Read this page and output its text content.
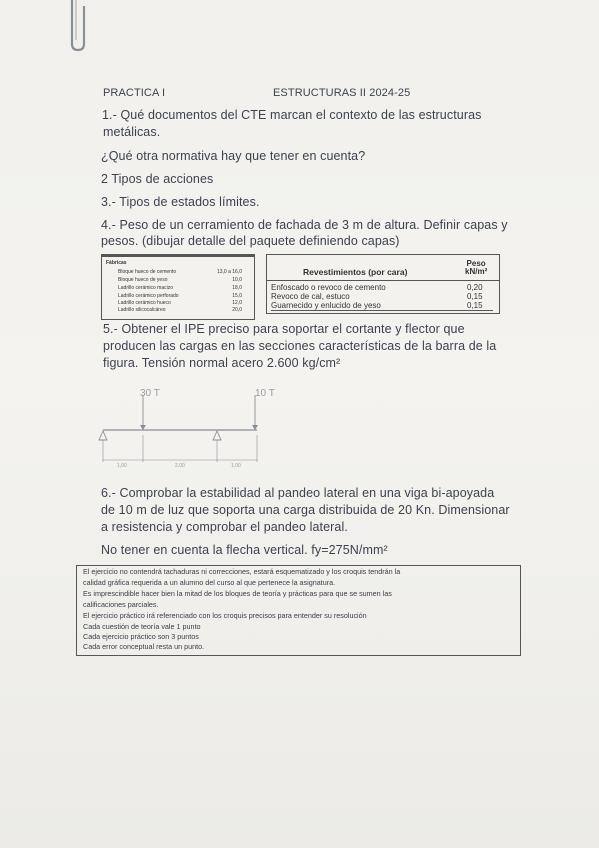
PRACTICA I	ESTRUCTURAS II 2024-25
1.- Qué documentos del CTE marcan el contexto de las estructuras
metálicas.
¿Qué otra normativa hay que tener en cuenta?
2 Tipos de acciones
3.- Tipos de estados límites.
4.- Peso de un cerramiento de fachada de 3 m de altura. Definir capas y
pesos. (dibujar detalle del paquete definiendo capas)
Fábricas
Bloque hueco de cemento	13,0 a 16,0
Bloque hueco de yeso	10,0
Ladrillo cerámico macizo	18,0
Ladrillo cerámico perforado	15,0
Ladrillo cerámico hueco	12,0
Ladrillo silicocalcáreo	20,0
Revestimientos (por cara)
Peso
kN/m²
Enfoscado o revoco de cemento	0,20
Revoco de cal, estuco	0,15
Guarnecido y enlucido de yeso	0,15
5.- Obtener el IPE preciso para soportar el cortante y flector que
producen las cargas en las secciones características de la barra de la
figura. Tensión normal acero 2.600 kg/cm²
30 T	10 T
1,00	2,00	1,00
6.- Comprobar la estabilidad al pandeo lateral en una viga bi-apoyada
de 10 m de luz que soporta una carga distribuida de 20 Kn. Dimensionar
a resistencia y comprobar el pandeo lateral.
No tener en cuenta la flecha vertical. fy=275N/mm²
El ejercicio no contendrá tachaduras ni correcciones, estará esquematizado y los croquis tendrán la
calidad gráfica requerida a un alumno del curso al que pertenece la asignatura.
Es imprescindible hacer bien la mitad de los bloques de teoría y prácticas para que se sumen las
calificaciones parciales.
El ejercicio práctico irá referenciado con los croquis precisos para entender su resolución
Cada cuestión de teoría vale 1 punto
Cada ejercicio práctico son 3 puntos
Cada error conceptual resta un punto.
